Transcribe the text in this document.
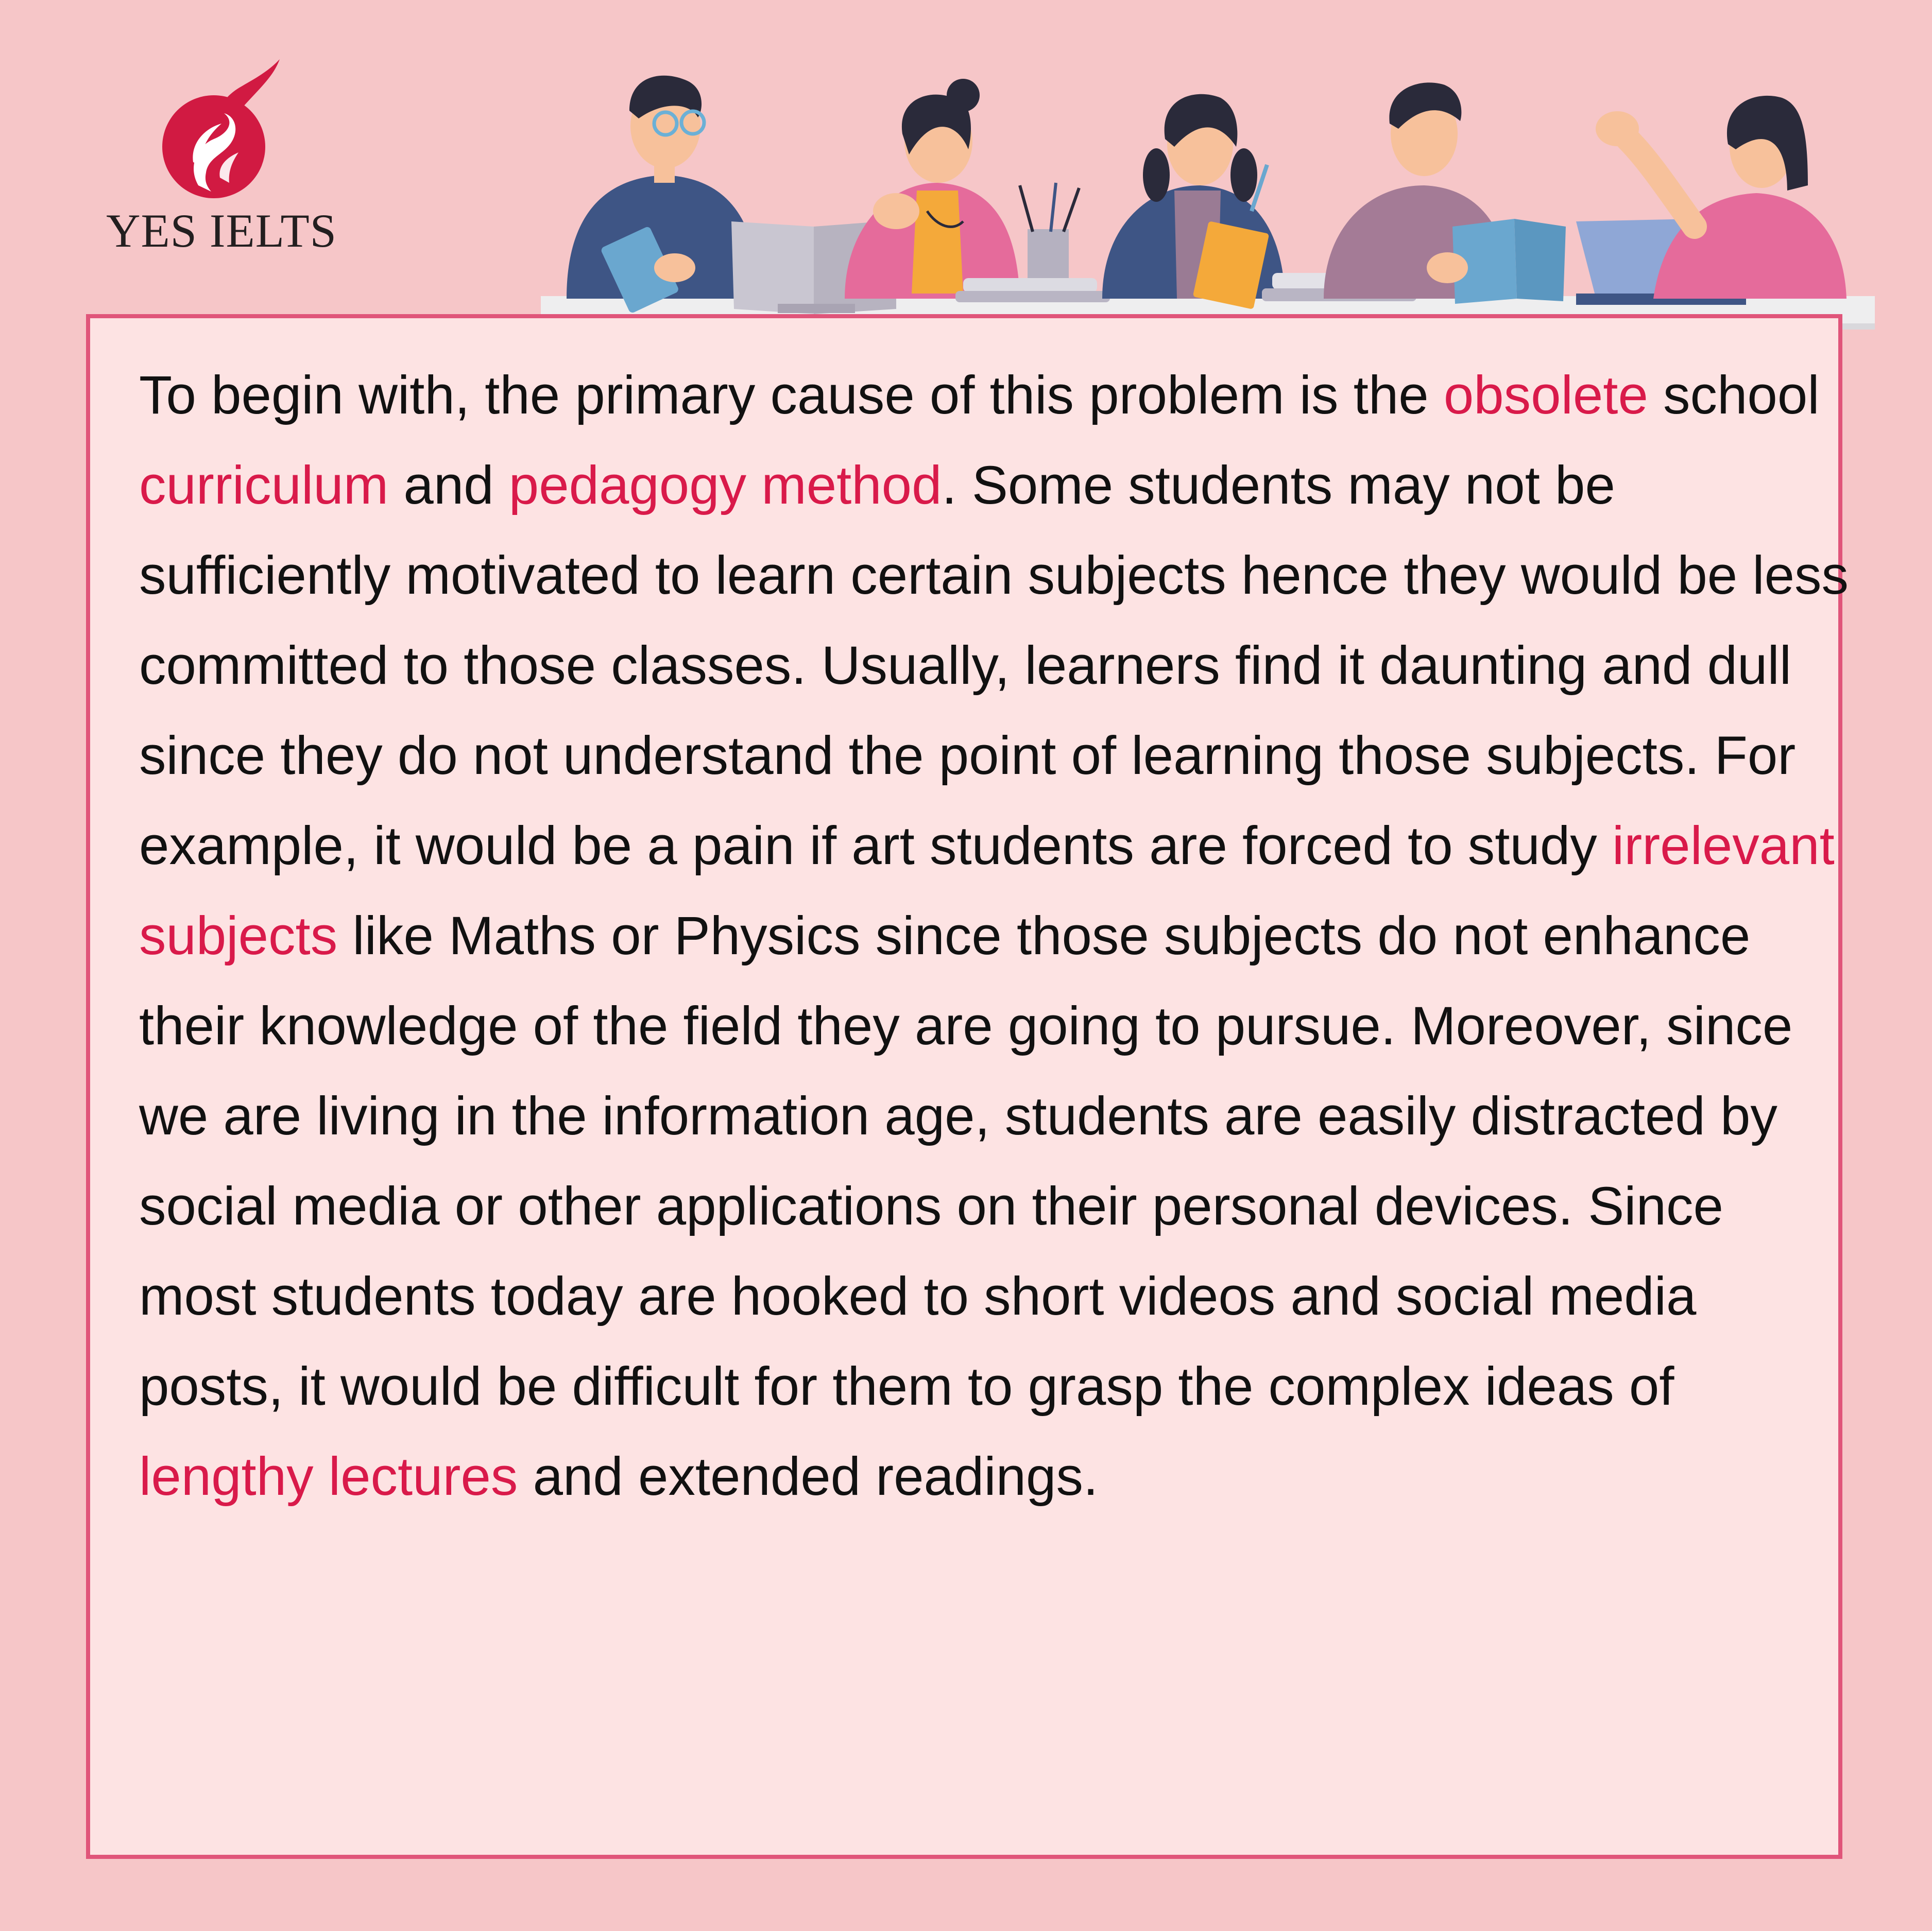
YES IELTS

To begin with, the primary cause of this problem is the obsolete school curriculum and pedagogy method. Some students may not be sufficiently motivated to learn certain subjects hence they would be less committed to those classes. Usually, learners find it daunting and dull since they do not understand the point of learning those subjects. For example, it would be a pain if art students are forced to study irrelevant subjects like Maths or Physics since those subjects do not enhance their knowledge of the field they are going to pursue. Moreover, since we are living in the information age, students are easily distracted by social media or other applications on their personal devices. Since most students today are hooked to short videos and social media posts, it would be difficult for them to grasp the complex ideas of lengthy lectures and extended readings.
